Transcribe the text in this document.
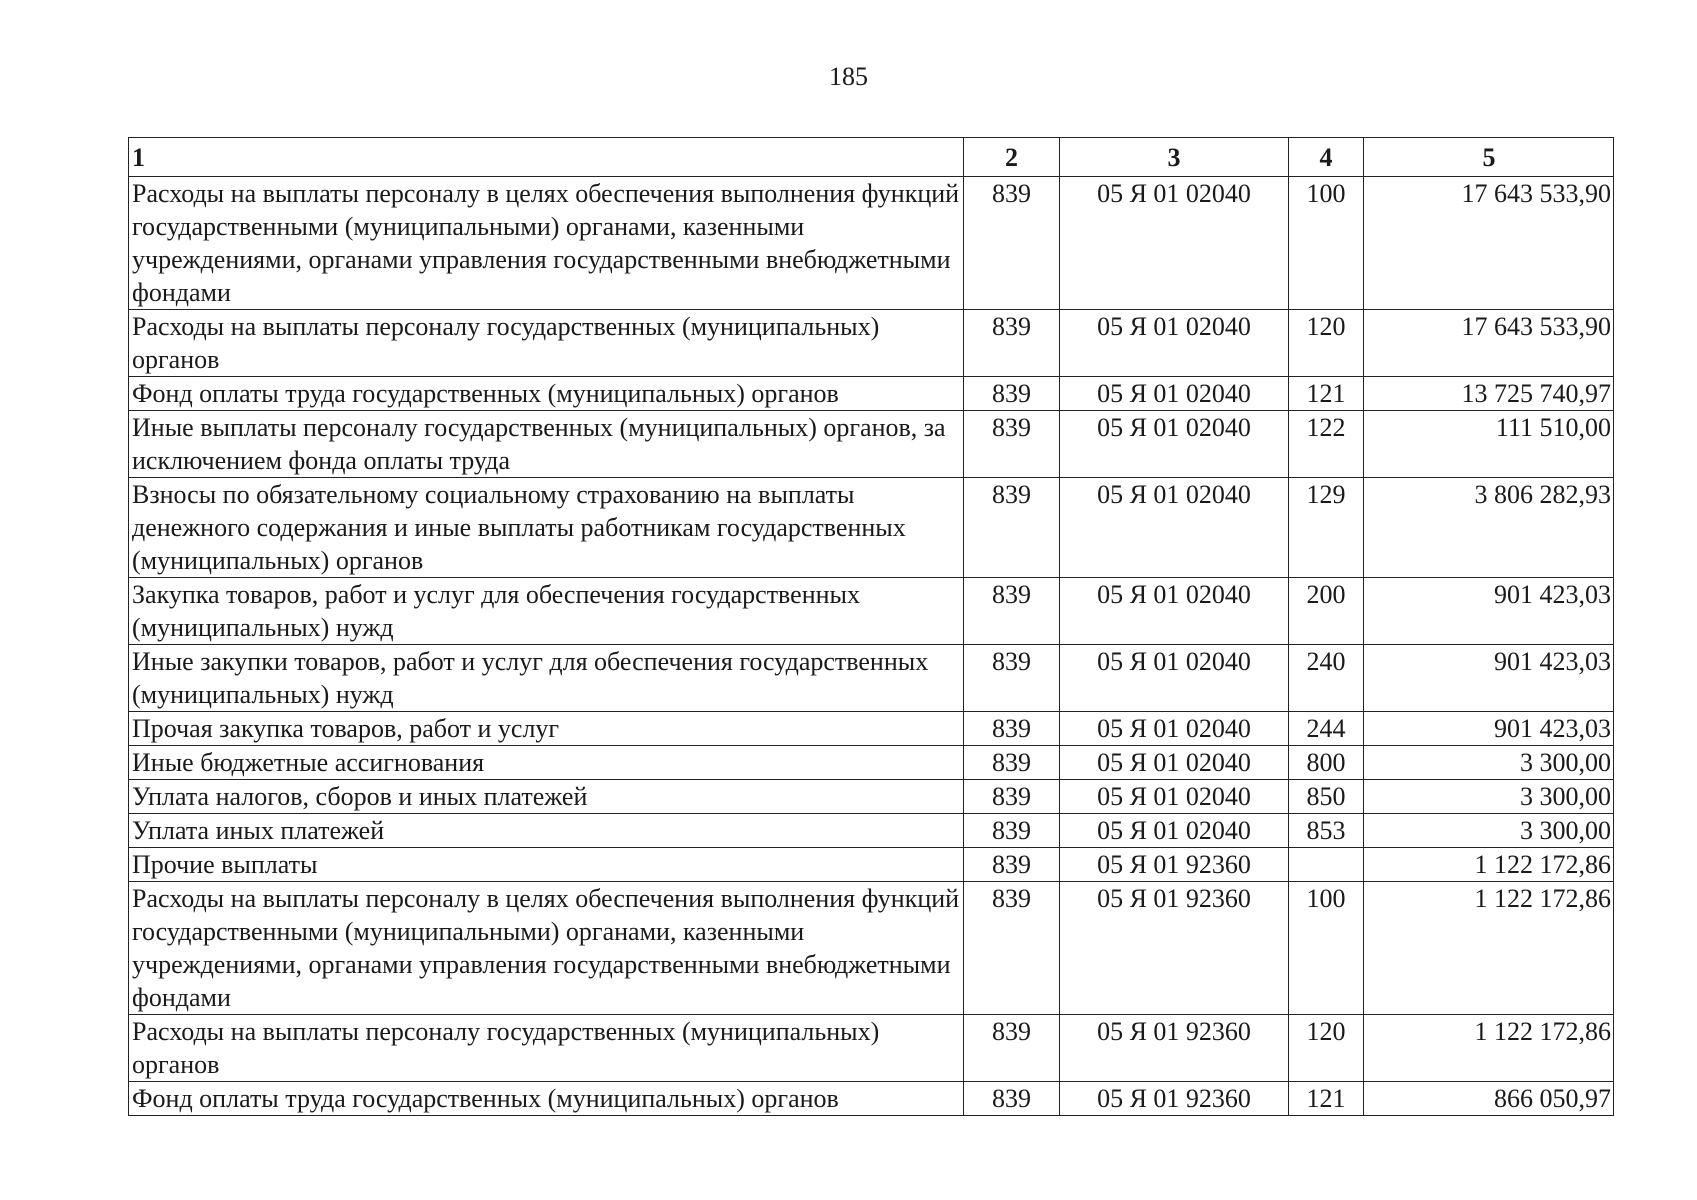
185
1	2	3	4	5
Расходы на выплаты персоналу в целях обеспечения выполнения функций государственными (муниципальными) органами, казенными учреждениями, органами управления государственными внебюджетными фондами	839	05 Я 01 02040	100	17 643 533,90
Расходы на выплаты персоналу государственных (муниципальных) органов	839	05 Я 01 02040	120	17 643 533,90
Фонд оплаты труда государственных (муниципальных) органов	839	05 Я 01 02040	121	13 725 740,97
Иные выплаты персоналу государственных (муниципальных) органов, за исключением фонда оплаты труда	839	05 Я 01 02040	122	111 510,00
Взносы по обязательному социальному страхованию на выплаты денежного содержания и иные выплаты работникам государственных (муниципальных) органов	839	05 Я 01 02040	129	3 806 282,93
Закупка товаров, работ и услуг для обеспечения государственных (муниципальных) нужд	839	05 Я 01 02040	200	901 423,03
Иные закупки товаров, работ и услуг для обеспечения государственных (муниципальных) нужд	839	05 Я 01 02040	240	901 423,03
Прочая закупка товаров, работ и услуг	839	05 Я 01 02040	244	901 423,03
Иные бюджетные ассигнования	839	05 Я 01 02040	800	3 300,00
Уплата налогов, сборов и иных платежей	839	05 Я 01 02040	850	3 300,00
Уплата иных платежей	839	05 Я 01 02040	853	3 300,00
Прочие выплаты	839	05 Я 01 92360		1 122 172,86
Расходы на выплаты персоналу в целях обеспечения выполнения функций государственными (муниципальными) органами, казенными учреждениями, органами управления государственными внебюджетными фондами	839	05 Я 01 92360	100	1 122 172,86
Расходы на выплаты персоналу государственных (муниципальных) органов	839	05 Я 01 92360	120	1 122 172,86
Фонд оплаты труда государственных (муниципальных) органов	839	05 Я 01 92360	121	866 050,97
